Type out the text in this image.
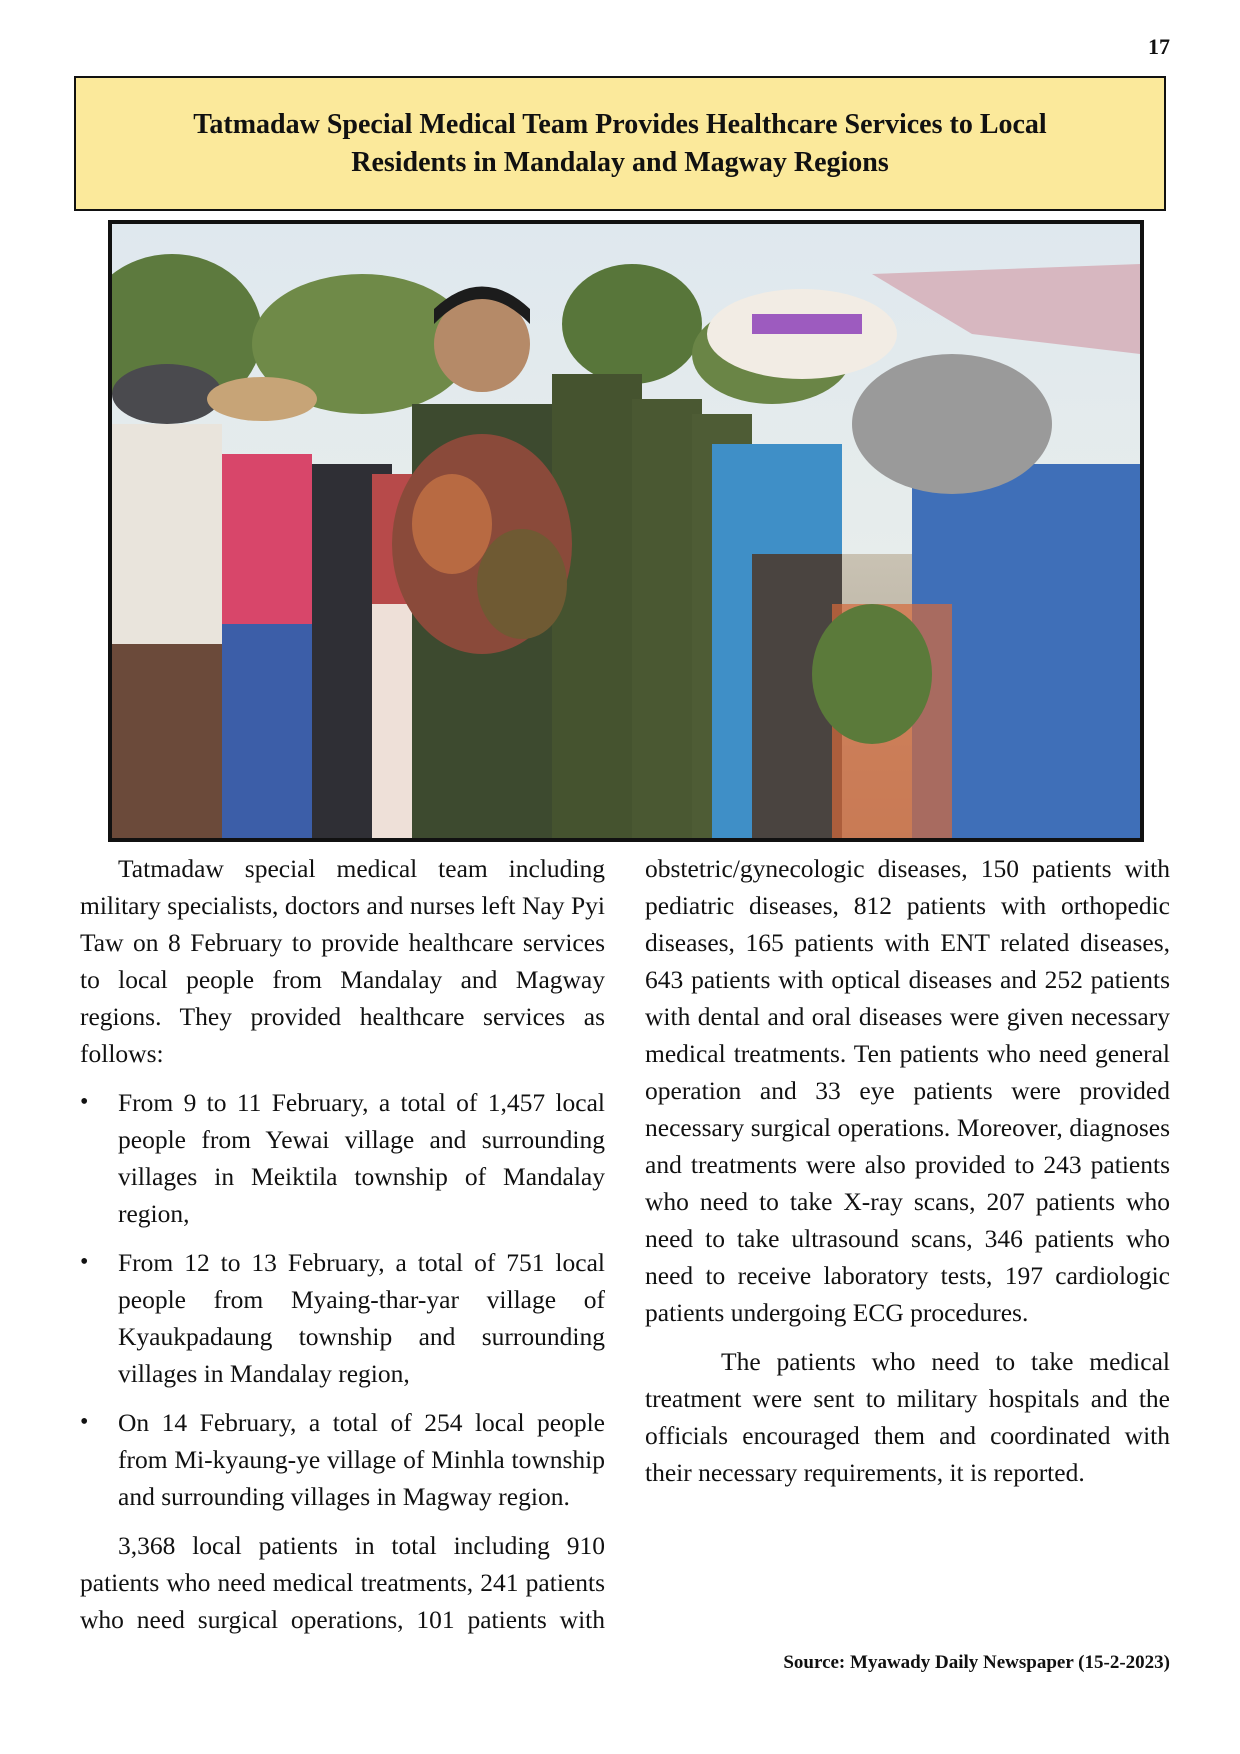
17
Tatmadaw Special Medical Team Provides Healthcare Services to Local
Residents in Mandalay and Magway Regions

Tatmadaw special medical team including military specialists, doctors and nurses left Nay Pyi Taw on 8 February to provide healthcare services to local people from Mandalay and Magway regions. They provided healthcare services as follows:

• From 9 to 11 February, a total of 1,457 local people from Yewai village and surrounding villages in Meiktila township of Mandalay region,
• From 12 to 13 February, a total of 751 local people from Myaing-thar-yar village of Kyaukpadaung township and surrounding villages in Mandalay region,
• On 14 February, a total of 254 local people from Mi-kyaung-ye village of Minhla township and surrounding villages in Magway region.

3,368 local patients in total including 910 patients who need medical treatments, 241 patients who need surgical operations, 101 patients with

obstetric/gynecologic diseases, 150 patients with pediatric diseases, 812 patients with orthopedic diseases, 165 patients with ENT related diseases, 643 patients with optical diseases and 252 patients with dental and oral diseases were given necessary medical treatments. Ten patients who need general operation and 33 eye patients were provided necessary surgical operations. Moreover, diagnoses and treatments were also provided to 243 patients who need to take X-ray scans, 207 patients who need to take ultrasound scans, 346 patients who need to receive laboratory tests, 197 cardiologic patients undergoing ECG procedures.

The patients who need to take medical treatment were sent to military hospitals and the officials encouraged them and coordinated with their necessary requirements, it is reported.

Source: Myawady Daily Newspaper (15-2-2023)
